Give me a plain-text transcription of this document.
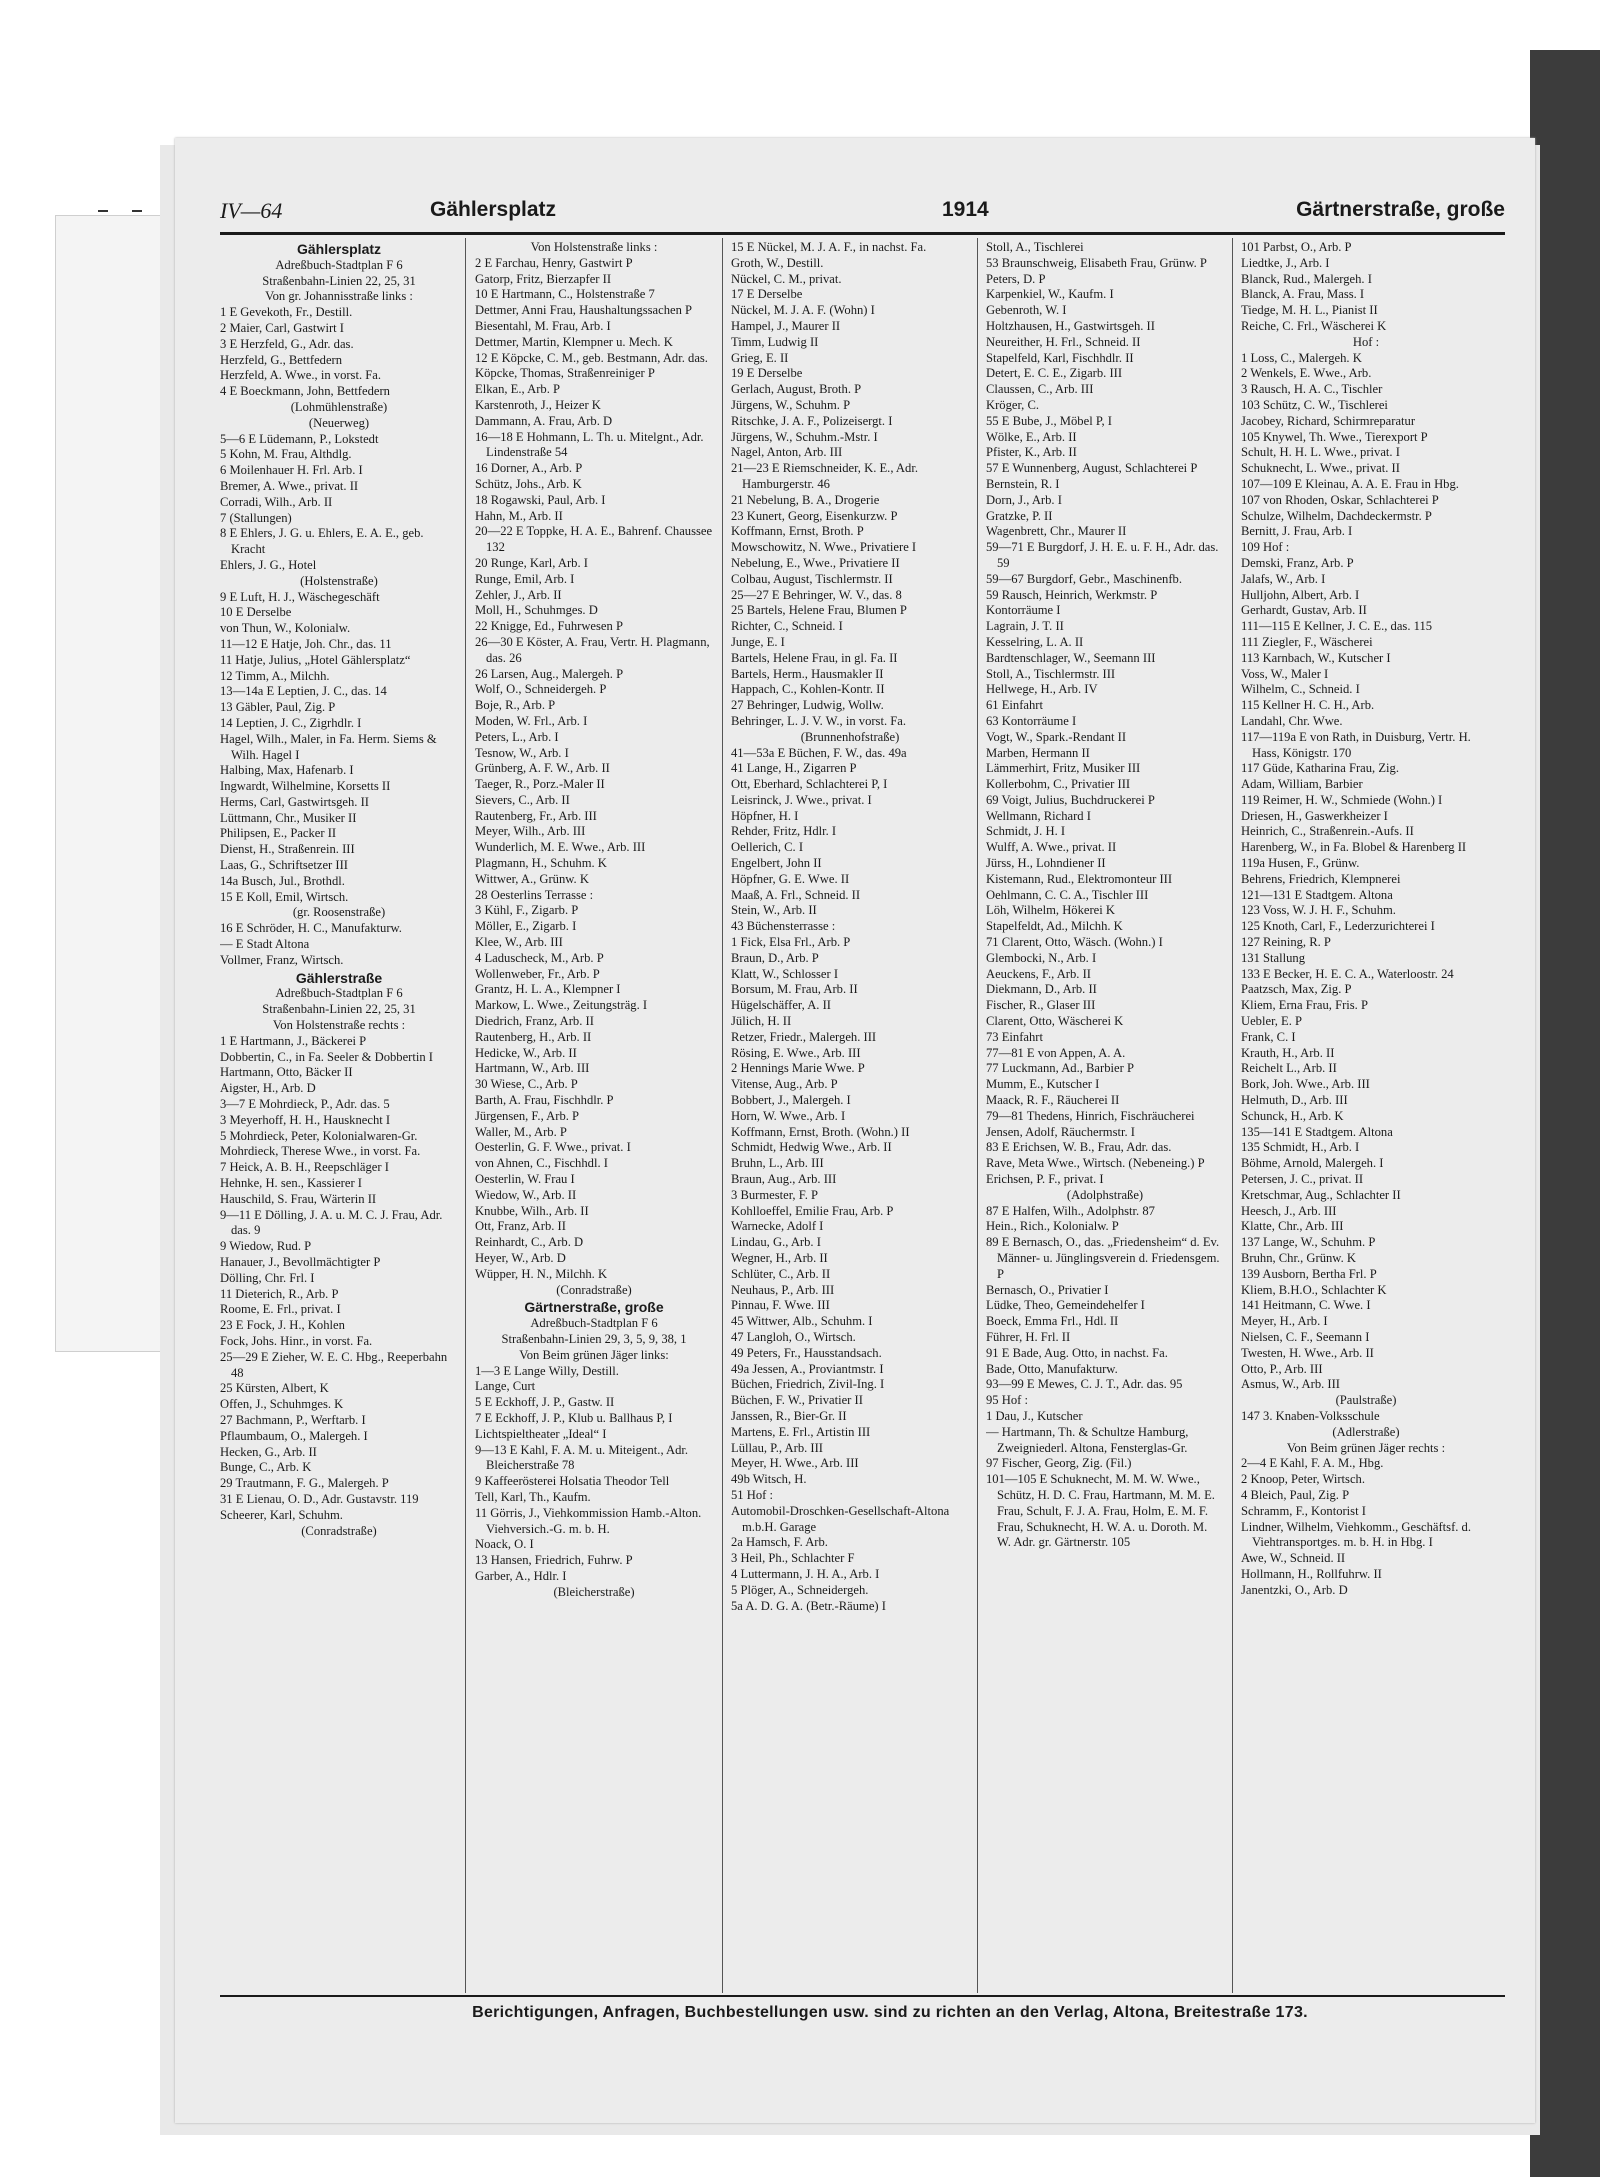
IV—64	Gählersplatz	1914	Gärtnerstraße, große

Gählersplatz

Adreßbuch-Stadtplan F 6

Straßenbahn-Linien 22, 25, 31

Von gr. Johannisstraße links :

1 E Gevekoth, Fr., Destill.

2 Maier, Carl, Gastwirt I

3 E Herzfeld, G., Adr. das.

Herzfeld, G., Bettfedern

Herzfeld, A. Wwe., in vorst. Fa.

4 E Boeckmann, John, Bettfedern

(Lohmühlenstraße)

(Neuerweg)

5—6 E Lüdemann, P., Lokstedt

5 Kohn, M. Frau, Althdlg.

6 Moilenhauer H. Frl. Arb. I

Bremer, A. Wwe., privat. II

Corradi, Wilh., Arb. II

7 (Stallungen)

8 E Ehlers, J. G. u. Ehlers, E. A. E., geb. Kracht

Ehlers, J. G., Hotel

(Holstenstraße)

9 E Luft, H. J., Wäschegeschäft

10 E Derselbe

von Thun, W., Kolonialw.

11—12 E Hatje, Joh. Chr., das. 11

11 Hatje, Julius, „Hotel Gählersplatz“

12 Timm, A., Milchh.

13—14a E Leptien, J. C., das. 14

13 Gäbler, Paul, Zig. P

14 Leptien, J. C., Zigrhdlr. I

Hagel, Wilh., Maler, in Fa. Herm. Siems & Wilh. Hagel I

Halbing, Max, Hafenarb. I

Ingwardt, Wilhelmine, Korsetts II

Herms, Carl, Gastwirtsgeh. II

Lüttmann, Chr., Musiker II

Philipsen, E., Packer II

Dienst, H., Straßenrein. III

Laas, G., Schriftsetzer III

14a Busch, Jul., Brothdl.

15 E Koll, Emil, Wirtsch.

(gr. Roosenstraße)

16 E Schröder, H. C., Manufakturw.

— E Stadt Altona

Vollmer, Franz, Wirtsch.

Gählerstraße

Adreßbuch-Stadtplan F 6

Straßenbahn-Linien 22, 25, 31

Von Holstenstraße rechts :

1 E Hartmann, J., Bäckerei P

Dobbertin, C., in Fa. Seeler & Dobbertin I

Hartmann, Otto, Bäcker II

Aigster, H., Arb. D

3—7 E Mohrdieck, P., Adr. das. 5

3 Meyerhoff, H. H., Hausknecht I

5 Mohrdieck, Peter, Kolonialwaren-Gr.

Mohrdieck, Therese Wwe., in vorst. Fa.

7 Heick, A. B. H., Reepschläger I

Hehnke, H. sen., Kassierer I

Hauschild, S. Frau, Wärterin II

9—11 E Dölling, J. A. u. M. C. J. Frau, Adr. das. 9

9 Wiedow, Rud. P

Hanauer, J., Bevollmächtigter P

Dölling, Chr. Frl. I

11 Dieterich, R., Arb. P

Roome, E. Frl., privat. I

23 E Fock, J. H., Kohlen

Fock, Johs. Hinr., in vorst. Fa.

25—29 E Zieher, W. E. C. Hbg., Reeperbahn 48

25 Kürsten, Albert, K

Offen, J., Schuhmges. K

27 Bachmann, P., Werftarb. I

Pflaumbaum, O., Malergeh. I

Hecken, G., Arb. II

Bunge, C., Arb. K

29 Trautmann, F. G., Malergeh. P

31 E Lienau, O. D., Adr. Gustavstr. 119

Scheerer, Karl, Schuhm.

(Conradstraße)

Von Holstenstraße links :

2 E Farchau, Henry, Gastwirt P

Gatorp, Fritz, Bierzapfer II

10 E Hartmann, C., Holstenstraße 7

Dettmer, Anni Frau, Haushaltungssachen P

Biesentahl, M. Frau, Arb. I

Dettmer, Martin, Klempner u. Mech. K

12 E Köpcke, C. M., geb. Bestmann, Adr. das.

Köpcke, Thomas, Straßenreiniger P

Elkan, E., Arb. P

Karstenroth, J., Heizer K

Dammann, A. Frau, Arb. D

16—18 E Hohmann, L. Th. u. Mitelgnt., Adr. Lindenstraße 54

16 Dorner, A., Arb. P

Schütz, Johs., Arb. K

18 Rogawski, Paul, Arb. I

Hahn, M., Arb. II

20—22 E Toppke, H. A. E., Bahrenf. Chaussee 132

20 Runge, Karl, Arb. I

Runge, Emil, Arb. I

Zehler, J., Arb. II

Moll, H., Schuhmges. D

22 Knigge, Ed., Fuhrwesen P

26—30 E Köster, A. Frau, Vertr. H. Plagmann, das. 26

26 Larsen, Aug., Malergeh. P

Wolf, O., Schneidergeh. P

Boje, R., Arb. P

Moden, W. Frl., Arb. I

Peters, L., Arb. I

Tesnow, W., Arb. I

Grünberg, A. F. W., Arb. II

Taeger, R., Porz.-Maler II

Sievers, C., Arb. II

Rautenberg, Fr., Arb. III

Meyer, Wilh., Arb. III

Wunderlich, M. E. Wwe., Arb. III

Plagmann, H., Schuhm. K

Wittwer, A., Grünw. K

28 Oesterlins Terrasse :

3 Kühl, F., Zigarb. P

Möller, E., Zigarb. I

Klee, W., Arb. III

4 Laduscheck, M., Arb. P

Wollenweber, Fr., Arb. P

Grantz, H. L. A., Klempner I

Markow, L. Wwe., Zeitungsträg. I

Diedrich, Franz, Arb. II

Rautenberg, H., Arb. II

Hedicke, W., Arb. II

Hartmann, W., Arb. III

30 Wiese, C., Arb. P

Barth, A. Frau, Fischhdlr. P

Jürgensen, F., Arb. P

Waller, M., Arb. P

Oesterlin, G. F. Wwe., privat. I

von Ahnen, C., Fischhdl. I

Oesterlin, W. Frau I

Wiedow, W., Arb. II

Knubbe, Wilh., Arb. II

Ott, Franz, Arb. II

Reinhardt, C., Arb. D

Heyer, W., Arb. D

Wüpper, H. N., Milchh. K

(Conradstraße)

Gärtnerstraße, große

Adreßbuch-Stadtplan F 6

Straßenbahn-Linien 29, 3, 5, 9, 38, 1

Von Beim grünen Jäger links:

1—3 E Lange Willy, Destill.

Lange, Curt

5 E Eckhoff, J. P., Gastw. II

7 E Eckhoff, J. P., Klub u. Ballhaus P, I

Lichtspieltheater „Ideal“ I

9—13 E Kahl, F. A. M. u. Miteigent., Adr. Bleicherstraße 78

9 Kaffeerösterei Holsatia Theodor Tell

Tell, Karl, Th., Kaufm.

11 Görris, J., Viehkommission Hamb.-Alton. Viehversich.-G. m. b. H.

Noack, O. I

13 Hansen, Friedrich, Fuhrw. P

Garber, A., Hdlr. I

(Bleicherstraße)

15 E Nückel, M. J. A. F., in nachst. Fa.

Groth, W., Destill.

Nückel, C. M., privat.

17 E Derselbe

Nückel, M. J. A. F. (Wohn) I

Hampel, J., Maurer II

Timm, Ludwig II

Grieg, E. II

19 E Derselbe

Gerlach, August, Broth. P

Jürgens, W., Schuhm. P

Ritschke, J. A. F., Polizeisergt. I

Jürgens, W., Schuhm.-Mstr. I

Nagel, Anton, Arb. III

21—23 E Riemschneider, K. E., Adr. Hamburgerstr. 46

21 Nebelung, B. A., Drogerie

23 Kunert, Georg, Eisenkurzw. P

Koffmann, Ernst, Broth. P

Mowschowitz, N. Wwe., Privatiere I

Nebelung, E., Wwe., Privatiere II

Colbau, August, Tischlermstr. II

25—27 E Behringer, W. V., das. 8

25 Bartels, Helene Frau, Blumen P

Richter, C., Schneid. I

Junge, E. I

Bartels, Helene Frau, in gl. Fa. II

Bartels, Herm., Hausmakler II

Happach, C., Kohlen-Kontr. II

27 Behringer, Ludwig, Wollw.

Behringer, L. J. V. W., in vorst. Fa.

(Brunnenhofstraße)

41—53a E Büchen, F. W., das. 49a

41 Lange, H., Zigarren P

Ott, Eberhard, Schlachterei P, I

Leisrinck, J. Wwe., privat. I

Höpfner, H. I

Rehder, Fritz, Hdlr. I

Oellerich, C. I

Engelbert, John II

Höpfner, G. E. Wwe. II

Maaß, A. Frl., Schneid. II

Stein, W., Arb. II

43 Büchensterrasse :

1 Fick, Elsa Frl., Arb. P

Braun, D., Arb. P

Klatt, W., Schlosser I

Borsum, M. Frau, Arb. II

Hügelschäffer, A. II

Jülich, H. II

Retzer, Friedr., Malergeh. III

Rösing, E. Wwe., Arb. III

2 Hennings Marie Wwe. P

Vitense, Aug., Arb. P

Bobbert, J., Malergeh. I

Horn, W. Wwe., Arb. I

Koffmann, Ernst, Broth. (Wohn.) II

Schmidt, Hedwig Wwe., Arb. II

Bruhn, L., Arb. III

Braun, Aug., Arb. III

3 Burmester, F. P

Kohlloeffel, Emilie Frau, Arb. P

Warnecke, Adolf I

Lindau, G., Arb. I

Wegner, H., Arb. II

Schlüter, C., Arb. II

Neuhaus, P., Arb. III

Pinnau, F. Wwe. III

45 Wittwer, Alb., Schuhm. I

47 Langloh, O., Wirtsch.

49 Peters, Fr., Hausstandsach.

49a Jessen, A., Proviantmstr. I

Büchen, Friedrich, Zivil-Ing. I

Büchen, F. W., Privatier II

Janssen, R., Bier-Gr. II

Martens, E. Frl., Artistin III

Lüllau, P., Arb. III

Meyer, H. Wwe., Arb. III

49b Witsch, H.

51 Hof :

Automobil-Droschken-Gesellschaft-Altona m.b.H. Garage

2a Hamsch, F. Arb.

3 Heil, Ph., Schlachter F

4 Luttermann, J. H. A., Arb. I

5 Plöger, A., Schneidergeh.

5a A. D. G. A. (Betr.-Räume) I

Stoll, A., Tischlerei

53 Braunschweig, Elisabeth Frau, Grünw. P

Peters, D. P

Karpenkiel, W., Kaufm. I

Gebenroth, W. I

Holtzhausen, H., Gastwirtsgeh. II

Neureither, H. Frl., Schneid. II

Stapelfeld, Karl, Fischhdlr. II

Detert, E. C. E., Zigarb. III

Claussen, C., Arb. III

Kröger, C.

55 E Bube, J., Möbel P, I

Wölke, E., Arb. II

Pfister, K., Arb. II

57 E Wunnenberg, August, Schlachterei P

Bernstein, R. I

Dorn, J., Arb. I

Gratzke, P. II

Wagenbrett, Chr., Maurer II

59—71 E Burgdorf, J. H. E. u. F. H., Adr. das. 59

59—67 Burgdorf, Gebr., Maschinenfb.

59 Rausch, Heinrich, Werkmstr. P

Kontorräume I

Lagrain, J. T. II

Kesselring, L. A. II

Bardtenschlager, W., Seemann III

Stoll, A., Tischlermstr. III

Hellwege, H., Arb. IV

61 Einfahrt

63 Kontorräume I

Vogt, W., Spark.-Rendant II

Marben, Hermann II

Lämmerhirt, Fritz, Musiker III

Kollerbohm, C., Privatier III

69 Voigt, Julius, Buchdruckerei P

Wellmann, Richard I

Schmidt, J. H. I

Wulff, A. Wwe., privat. II

Jürss, H., Lohndiener II

Kistemann, Rud., Elektromonteur III

Oehlmann, C. C. A., Tischler III

Löh, Wilhelm, Hökerei K

Stapelfeldt, Ad., Milchh. K

71 Clarent, Otto, Wäsch. (Wohn.) I

Glembocki, N., Arb. I

Aeuckens, F., Arb. II

Diekmann, D., Arb. II

Fischer, R., Glaser III

Clarent, Otto, Wäscherei K

73 Einfahrt

77—81 E von Appen, A. A.

77 Luckmann, Ad., Barbier P

Mumm, E., Kutscher I

Maack, R. F., Räucherei II

79—81 Thedens, Hinrich, Fischräucherei

Jensen, Adolf, Räuchermstr. I

83 E Erichsen, W. B., Frau, Adr. das.

Rave, Meta Wwe., Wirtsch. (Nebeneing.) P

Erichsen, P. F., privat. I

(Adolphstraße)

87 E Halfen, Wilh., Adolphstr. 87

Hein., Rich., Kolonialw. P

89 E Bernasch, O., das. „Friedensheim“ d. Ev. Männer- u. Jünglingsverein d. Friedensgem. P

Bernasch, O., Privatier I

Lüdke, Theo, Gemeindehelfer I

Boeck, Emma Frl., Hdl. II

Führer, H. Frl. II

91 E Bade, Aug. Otto, in nachst. Fa.

Bade, Otto, Manufakturw.

93—99 E Mewes, C. J. T., Adr. das. 95

95 Hof :

1 Dau, J., Kutscher

— Hartmann, Th. & Schultze Hamburg, Zweigniederl. Altona, Fensterglas-Gr.

97 Fischer, Georg, Zig. (Fil.)

101—105 E Schuknecht, M. M. W. Wwe., Schütz, H. D. C. Frau, Hartmann, M. M. E. Frau, Schult, F. J. A. Frau, Holm, E. M. F. Frau, Schuknecht, H. W. A. u. Doroth. M. W. Adr. gr. Gärtnerstr. 105

101 Parbst, O., Arb. P

Liedtke, J., Arb. I

Blanck, Rud., Malergeh. I

Blanck, A. Frau, Mass. I

Tiedge, M. H. L., Pianist II

Reiche, C. Frl., Wäscherei K

Hof :

1 Loss, C., Malergeh. K

2 Wenkels, E. Wwe., Arb.

3 Rausch, H. A. C., Tischler

103 Schütz, C. W., Tischlerei

Jacobey, Richard, Schirmreparatur

105 Knywel, Th. Wwe., Tierexport P

Schult, H. H. L. Wwe., privat. I

Schuknecht, L. Wwe., privat. II

107—109 E Kleinau, A. A. E. Frau in Hbg.

107 von Rhoden, Oskar, Schlachterei P

Schulze, Wilhelm, Dachdeckermstr. P

Bernitt, J. Frau, Arb. I

109 Hof :

Demski, Franz, Arb. P

Jalafs, W., Arb. I

Hulljohn, Albert, Arb. I

Gerhardt, Gustav, Arb. II

111—115 E Kellner, J. C. E., das. 115

111 Ziegler, F., Wäscherei

113 Karnbach, W., Kutscher I

Voss, W., Maler I

Wilhelm, C., Schneid. I

115 Kellner H. C. H., Arb.

Landahl, Chr. Wwe.

117—119a E von Rath, in Duisburg, Vertr. H. Hass, Königstr. 170

117 Güde, Katharina Frau, Zig.

Adam, William, Barbier

119 Reimer, H. W., Schmiede (Wohn.) I

Driesen, H., Gaswerkheizer I

Heinrich, C., Straßenrein.-Aufs. II

Harenberg, W., in Fa. Blobel & Harenberg II

119a Husen, F., Grünw.

Behrens, Friedrich, Klempnerei

121—131 E Stadtgem. Altona

123 Voss, W. J. H. F., Schuhm.

125 Knoth, Carl, F., Lederzurichterei I

127 Reining, R. P

131 Stallung

133 E Becker, H. E. C. A., Waterloostr. 24

Paatzsch, Max, Zig. P

Kliem, Erna Frau, Fris. P

Uebler, E. P

Frank, C. I

Krauth, H., Arb. II

Reichelt L., Arb. II

Bork, Joh. Wwe., Arb. III

Helmuth, D., Arb. III

Schunck, H., Arb. K

135—141 E Stadtgem. Altona

135 Schmidt, H., Arb. I

Böhme, Arnold, Malergeh. I

Petersen, J. C., privat. II

Kretschmar, Aug., Schlachter II

Heesch, J., Arb. III

Klatte, Chr., Arb. III

137 Lange, W., Schuhm. P

Bruhn, Chr., Grünw. K

139 Ausborn, Bertha Frl. P

Kliem, B.H.O., Schlachter K

141 Heitmann, C. Wwe. I

Meyer, H., Arb. I

Nielsen, C. F., Seemann I

Twesten, H. Wwe., Arb. II

Otto, P., Arb. III

Asmus, W., Arb. III

(Paulstraße)

147 3. Knaben-Volksschule

(Adlerstraße)

Von Beim grünen Jäger rechts :

2—4 E Kahl, F. A. M., Hbg.

2 Knoop, Peter, Wirtsch.

4 Bleich, Paul, Zig. P

Schramm, F., Kontorist I

Lindner, Wilhelm, Viehkomm., Geschäftsf. d. Viehtransportges. m. b. H. in Hbg. I

Awe, W., Schneid. II

Hollmann, H., Rollfuhrw. II

Janentzki, O., Arb. D

Berichtigungen, Anfragen, Buchbestellungen usw. sind zu richten an den Verlag, Altona, Breitestraße 173.
